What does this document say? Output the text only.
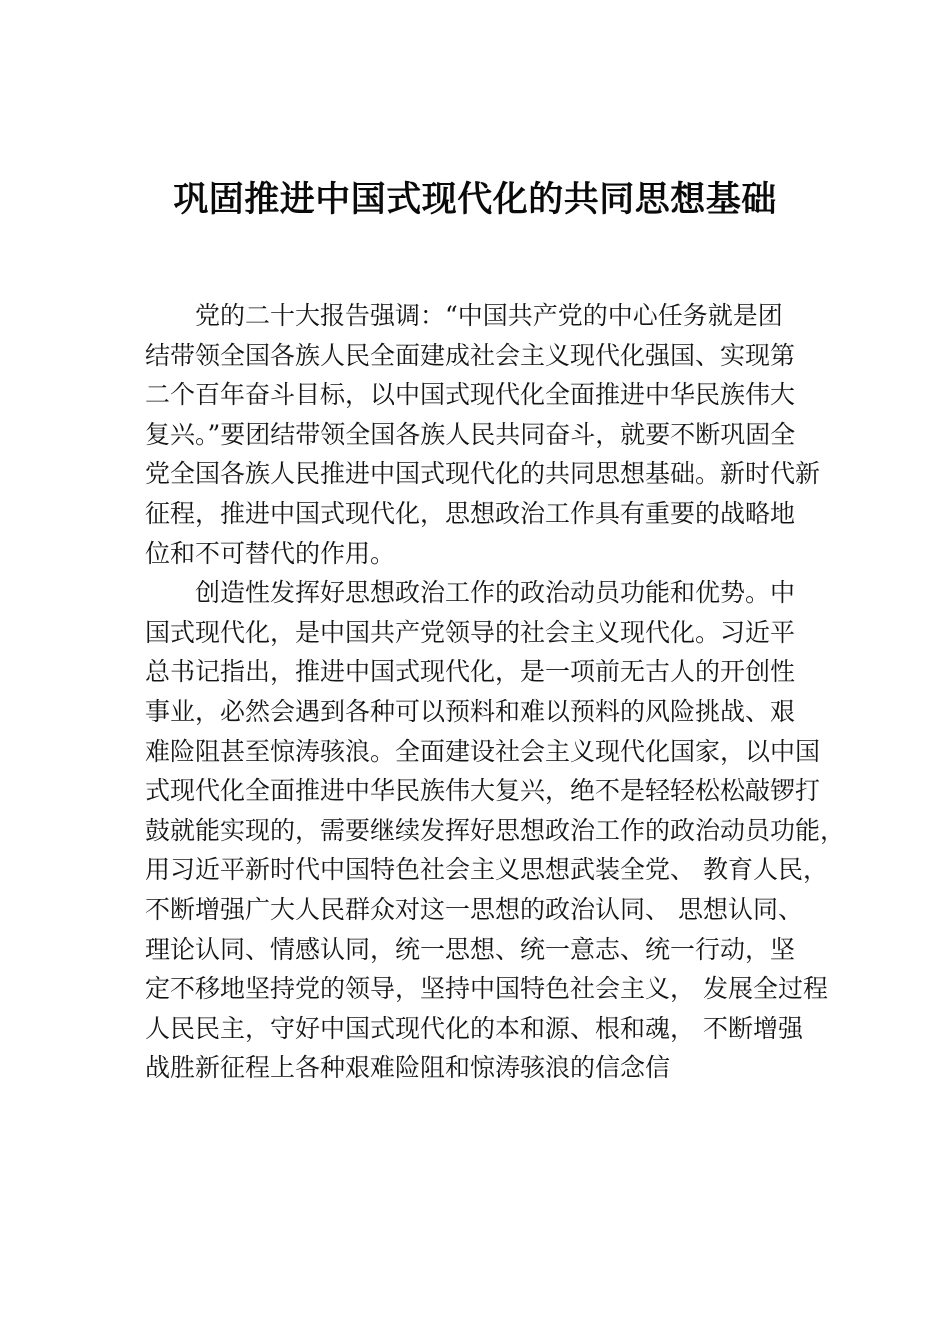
巩固推进中国式现代化的共同思想基础
党的二十大报告强调：“中国共产党的中心任务就是团
结带领全国各族人民全面建成社会主义现代化强国、实现第
二个百年奋斗目标，以中国式现代化全面推进中华民族伟大
复兴。”要团结带领全国各族人民共同奋斗，就要不断巩固全
党全国各族人民推进中国式现代化的共同思想基础。新时代新
征程，推进中国式现代化，思想政治工作具有重要的战略地
位和不可替代的作用。
创造性发挥好思想政治工作的政治动员功能和优势。中
国式现代化，是中国共产党领导的社会主义现代化。习近平
总书记指出，推进中国式现代化，是一项前无古人的开创性
事业，必然会遇到各种可以预料和难以预料的风险挑战、艰
难险阻甚至惊涛骇浪。全面建设社会主义现代化国家，以中国
式现代化全面推进中华民族伟大复兴，绝不是轻轻松松敲锣打
鼓就能实现的，需要继续发挥好思想政治工作的政治动员功能，
用习近平新时代中国特色社会主义思想武装全党、 教育人民，
不断增强广大人民群众对这一思想的政治认同、 思想认同、
理论认同、情感认同，统一思想、统一意志、统一行动，坚
定不移地坚持党的领导，坚持中国特色社会主义， 发展全过程
人民民主，守好中国式现代化的本和源、根和魂， 不断增强
战胜新征程上各种艰难险阻和惊涛骇浪的信念信
